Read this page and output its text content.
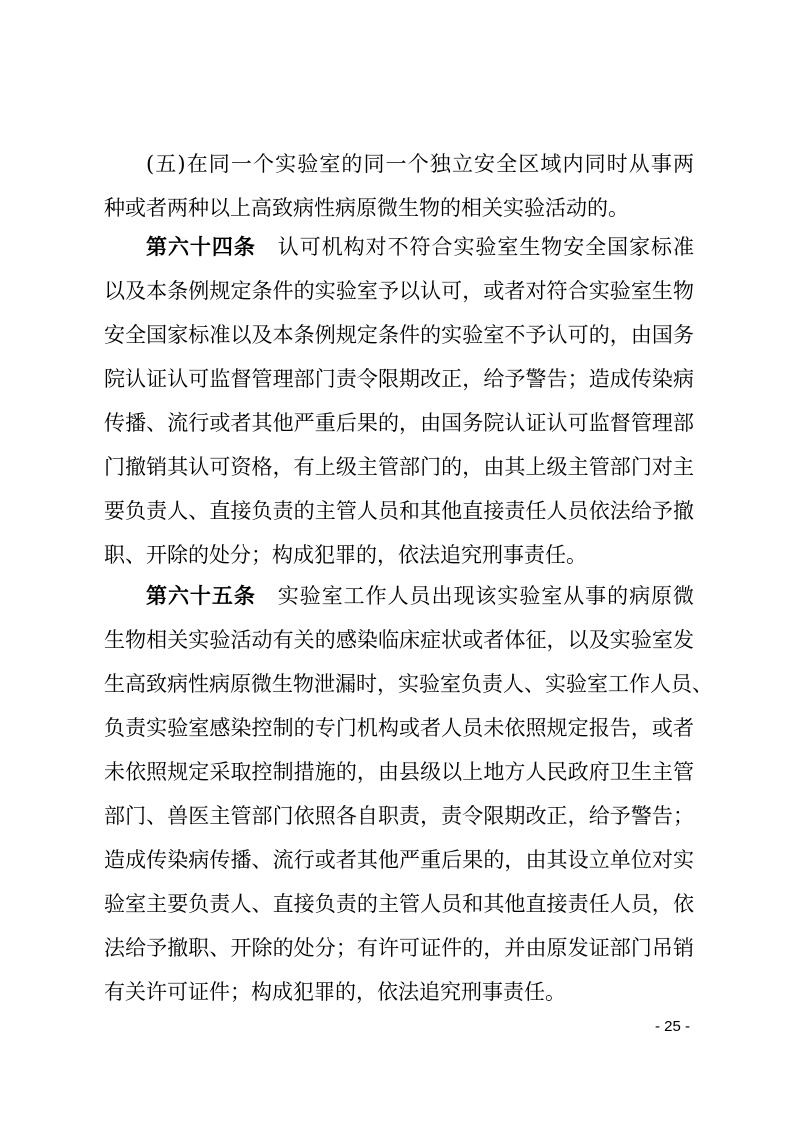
(五)在同一个实验室的同一个独立安全区域内同时从事两
种或者两种以上高致病性病原微生物的相关实验活动的。
第六十四条 认可机构对不符合实验室生物安全国家标准
以及本条例规定条件的实验室予以认可，或者对符合实验室生物
安全国家标准以及本条例规定条件的实验室不予认可的，由国务
院认证认可监督管理部门责令限期改正，给予警告；造成传染病
传播、流行或者其他严重后果的，由国务院认证认可监督管理部
门撤销其认可资格，有上级主管部门的，由其上级主管部门对主
要负责人、直接负责的主管人员和其他直接责任人员依法给予撤
职、开除的处分；构成犯罪的，依法追究刑事责任。
第六十五条 实验室工作人员出现该实验室从事的病原微
生物相关实验活动有关的感染临床症状或者体征，以及实验室发
生高致病性病原微生物泄漏时，实验室负责人、实验室工作人员、
负责实验室感染控制的专门机构或者人员未依照规定报告，或者
未依照规定采取控制措施的，由县级以上地方人民政府卫生主管
部门、兽医主管部门依照各自职责，责令限期改正，给予警告；
造成传染病传播、流行或者其他严重后果的，由其设立单位对实
验室主要负责人、直接负责的主管人员和其他直接责任人员，依
法给予撤职、开除的处分；有许可证件的，并由原发证部门吊销
有关许可证件；构成犯罪的，依法追究刑事责任。
- 25 -
